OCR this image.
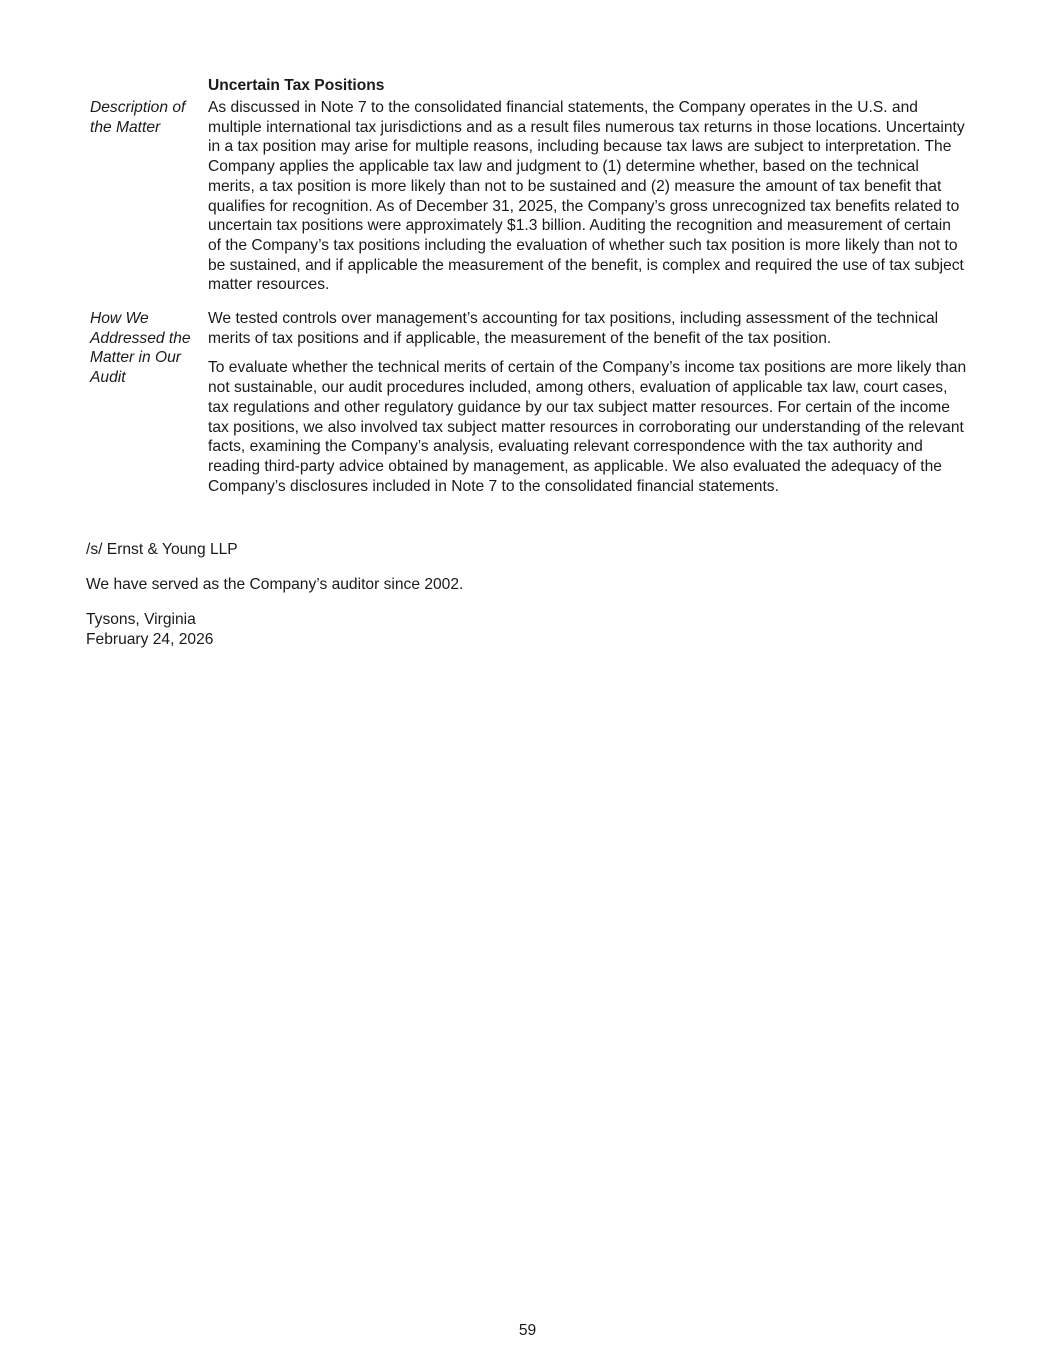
Uncertain Tax Positions
Description of the Matter

As discussed in Note 7 to the consolidated financial statements, the Company operates in the U.S. and multiple international tax jurisdictions and as a result files numerous tax returns in those locations. Uncertainty in a tax position may arise for multiple reasons, including because tax laws are subject to interpretation. The Company applies the applicable tax law and judgment to (1) determine whether, based on the technical merits, a tax position is more likely than not to be sustained and (2) measure the amount of tax benefit that qualifies for recognition. As of December 31, 2025, the Company’s gross unrecognized tax benefits related to uncertain tax positions were approximately $1.3 billion. Auditing the recognition and measurement of certain of the Company’s tax positions including the evaluation of whether such tax position is more likely than not to be sustained, and if applicable the measurement of the benefit, is complex and required the use of tax subject matter resources.

How We Addressed the Matter in Our Audit

We tested controls over management’s accounting for tax positions, including assessment of the technical merits of tax positions and if applicable, the measurement of the benefit of the tax position.

To evaluate whether the technical merits of certain of the Company’s income tax positions are more likely than not sustainable, our audit procedures included, among others, evaluation of applicable tax law, court cases, tax regulations and other regulatory guidance by our tax subject matter resources. For certain of the income tax positions, we also involved tax subject matter resources in corroborating our understanding of the relevant facts, examining the Company’s analysis, evaluating relevant correspondence with the tax authority and reading third-party advice obtained by management, as applicable. We also evaluated the adequacy of the Company’s disclosures included in Note 7 to the consolidated financial statements.

/s/ Ernst & Young LLP
We have served as the Company’s auditor since 2002.
Tysons, Virginia
February 24, 2026
59
